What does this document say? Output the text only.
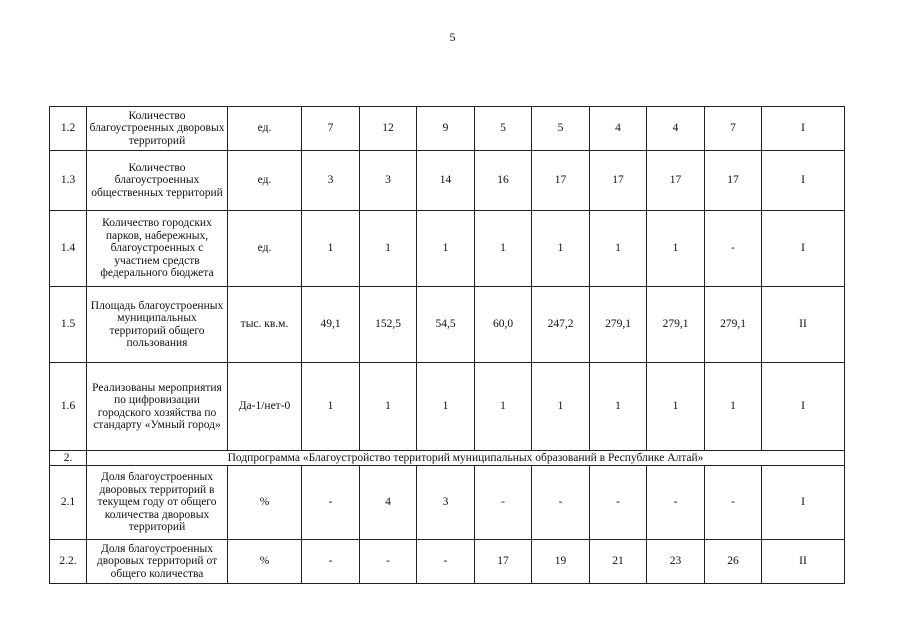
5
1.2	Количество благоустроенных дворовых территорий	ед.	7	12	9	5	5	4	4	7	I
1.3	Количество благоустроенных общественных территорий	ед.	3	3	14	16	17	17	17	17	I
1.4	Количество городских парков, набережных, благоустроенных с участием средств федерального бюджета	ед.	1	1	1	1	1	1	1	-	I
1.5	Площадь благоустроенных муниципальных территорий общего пользования	тыс. кв.м.	49,1	152,5	54,5	60,0	247,2	279,1	279,1	279,1	II
1.6	Реализованы мероприятия по цифровизации городского хозяйства по стандарту «Умный город»	Да-1/нет-0	1	1	1	1	1	1	1	1	I
2.	Подпрограмма «Благоустройство территорий муниципальных образований в Республике Алтай»										
2.1	Доля благоустроенных дворовых территорий в текущем году от общего количества дворовых территорий	%	-	4	3	-	-	-	-	-	I
2.2.	Доля благоустроенных дворовых территорий от общего количества	%	-	-	-	17	19	21	23	26	II
